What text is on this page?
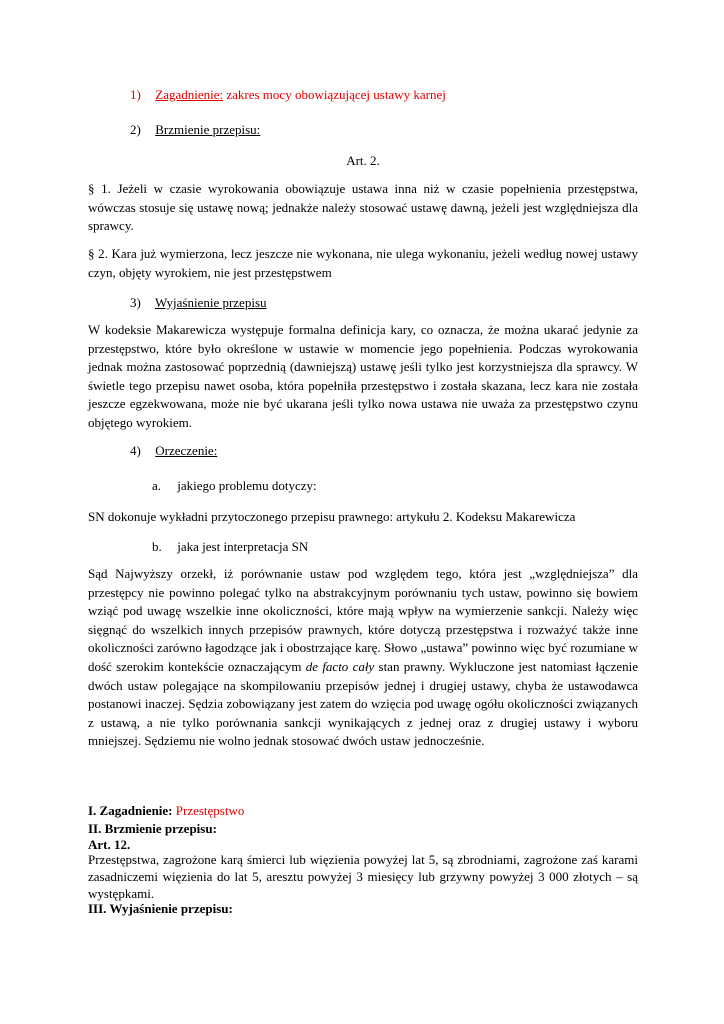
1) Zagadnienie: zakres mocy obowiązującej ustawy karnej
2) Brzmienie przepisu:
Art. 2.
§ 1. Jeżeli w czasie wyrokowania obowiązuje ustawa inna niż w czasie popełnienia przestępstwa, wówczas stosuje się ustawę nową; jednakże należy stosować ustawę dawną, jeżeli jest względniejsza dla sprawcy.
§ 2. Kara już wymierzona, lecz jeszcze nie wykonana, nie ulega wykonaniu, jeżeli według nowej ustawy czyn, objęty wyrokiem, nie jest przestępstwem
3) Wyjaśnienie przepisu
W kodeksie Makarewicza występuje formalna definicja kary, co oznacza, że można ukarać jedynie za przestępstwo, które było określone w ustawie w momencie jego popełnienia. Podczas wyrokowania jednak można zastosować poprzednią (dawniejszą) ustawę jeśli tylko jest korzystniejsza dla sprawcy. W świetle tego przepisu nawet osoba, która popełniła przestępstwo i została skazana, lecz kara nie została jeszcze egzekwowana, może nie być ukarana jeśli tylko nowa ustawa nie uważa za przestępstwo czynu objętego wyrokiem.
4) Orzeczenie:
a. jakiego problemu dotyczy:
SN dokonuje wykładni przytoczonego przepisu prawnego: artykułu 2. Kodeksu Makarewicza
b. jaka jest interpretacja SN
Sąd Najwyższy orzekł, iż porównanie ustaw pod względem tego, która jest „względniejsza” dla przestępcy nie powinno polegać tylko na abstrakcyjnym porównaniu tych ustaw, powinno się bowiem wziąć pod uwagę wszelkie inne okoliczności, które mają wpływ na wymierzenie sankcji. Należy więc sięgnąć do wszelkich innych przepisów prawnych, które dotyczą przestępstwa i rozważyć także inne okoliczności zarówno łagodzące jak i obostrzające karę. Słowo „ustawa” powinno więc być rozumiane w dość szerokim kontekście oznaczającym de facto cały stan prawny. Wykluczone jest natomiast łączenie dwóch ustaw polegające na skompilowaniu przepisów jednej i drugiej ustawy, chyba że ustawodawca postanowi inaczej. Sędzia zobowiązany jest zatem do wzięcia pod uwagę ogółu okoliczności związanych z ustawą, a nie tylko porównania sankcji wynikających z jednej oraz z drugiej ustawy i wyboru mniejszej. Sędziemu nie wolno jednak stosować dwóch ustaw jednocześnie.
I. Zagadnienie: Przestępstwo
II. Brzmienie przepisu:
Art. 12.
Przestępstwa, zagrożone karą śmierci lub więzienia powyżej lat 5, są zbrodniami, zagrożone zaś karami zasadniczemi więzienia do lat 5, aresztu powyżej 3 miesięcy lub grzywny powyżej 3 000 złotych – są występkami.
III. Wyjaśnienie przepisu:
